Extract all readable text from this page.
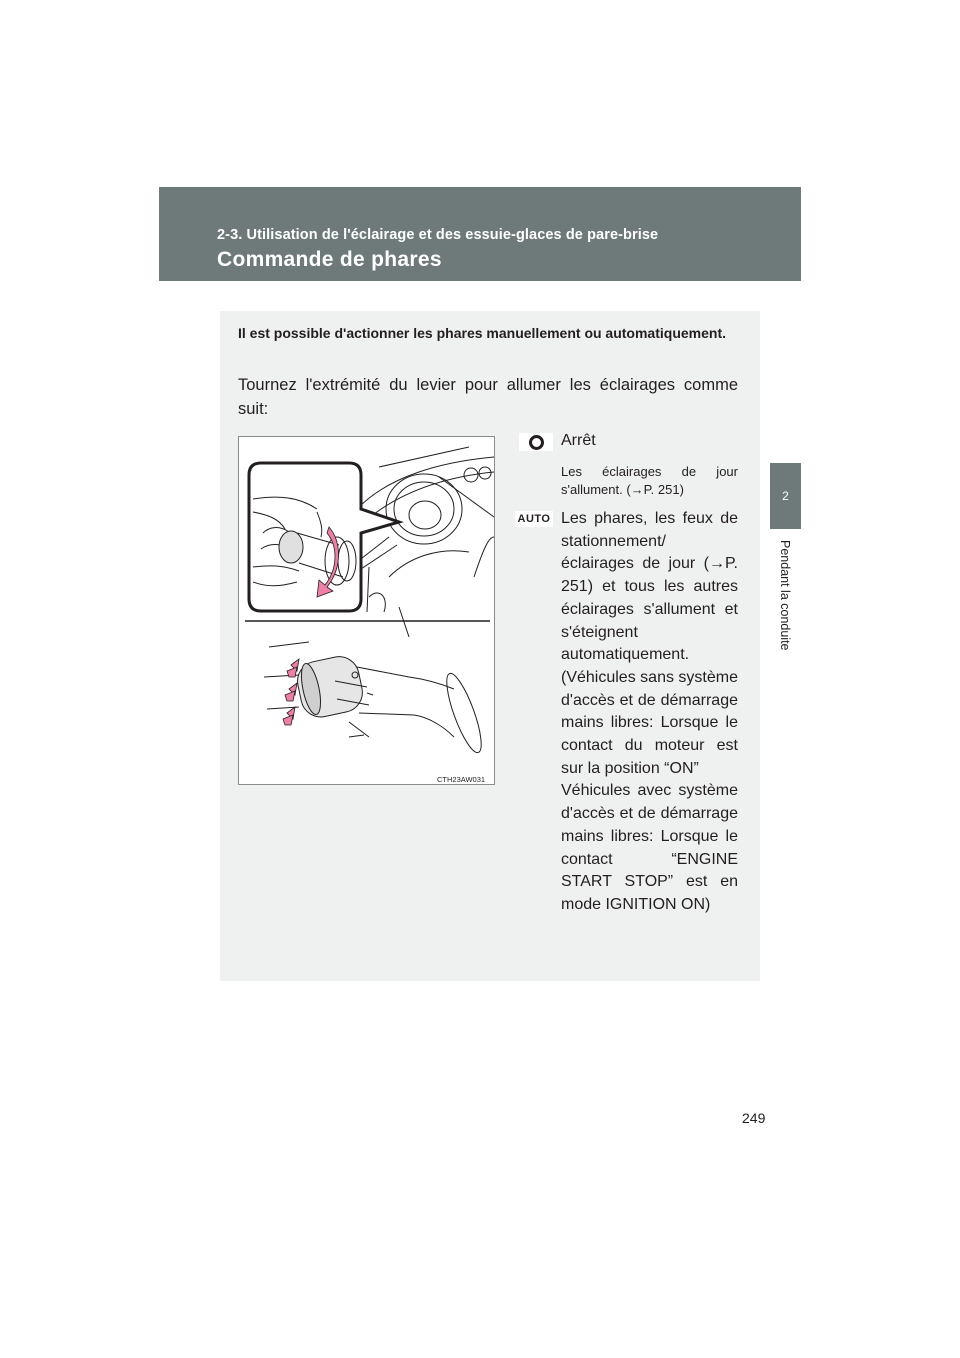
2-3. Utilisation de l'éclairage et des essuie-glaces de pare-brise
Commande de phares
2
Pendant la conduite
Il est possible d'actionner les phares manuellement ou automatiquement.
Tournez l'extrémité du levier pour allumer les éclairages comme suit:
CTH23AW031
Arrêt
Les éclairages de jour s'allument. (→P. 251)
AUTO Les phares, les feux de stationnement/ éclairages de jour (→P. 251) et tous les autres éclairages s'allument et s'éteignent automatiquement.

(Véhicules sans système d'accès et de démarrage mains libres: Lorsque le contact du moteur est sur la position “ON”

Véhicules avec système d'accès et de démarrage mains libres: Lorsque le contact “ENGINE START STOP” est en mode IGNITION ON)

249
